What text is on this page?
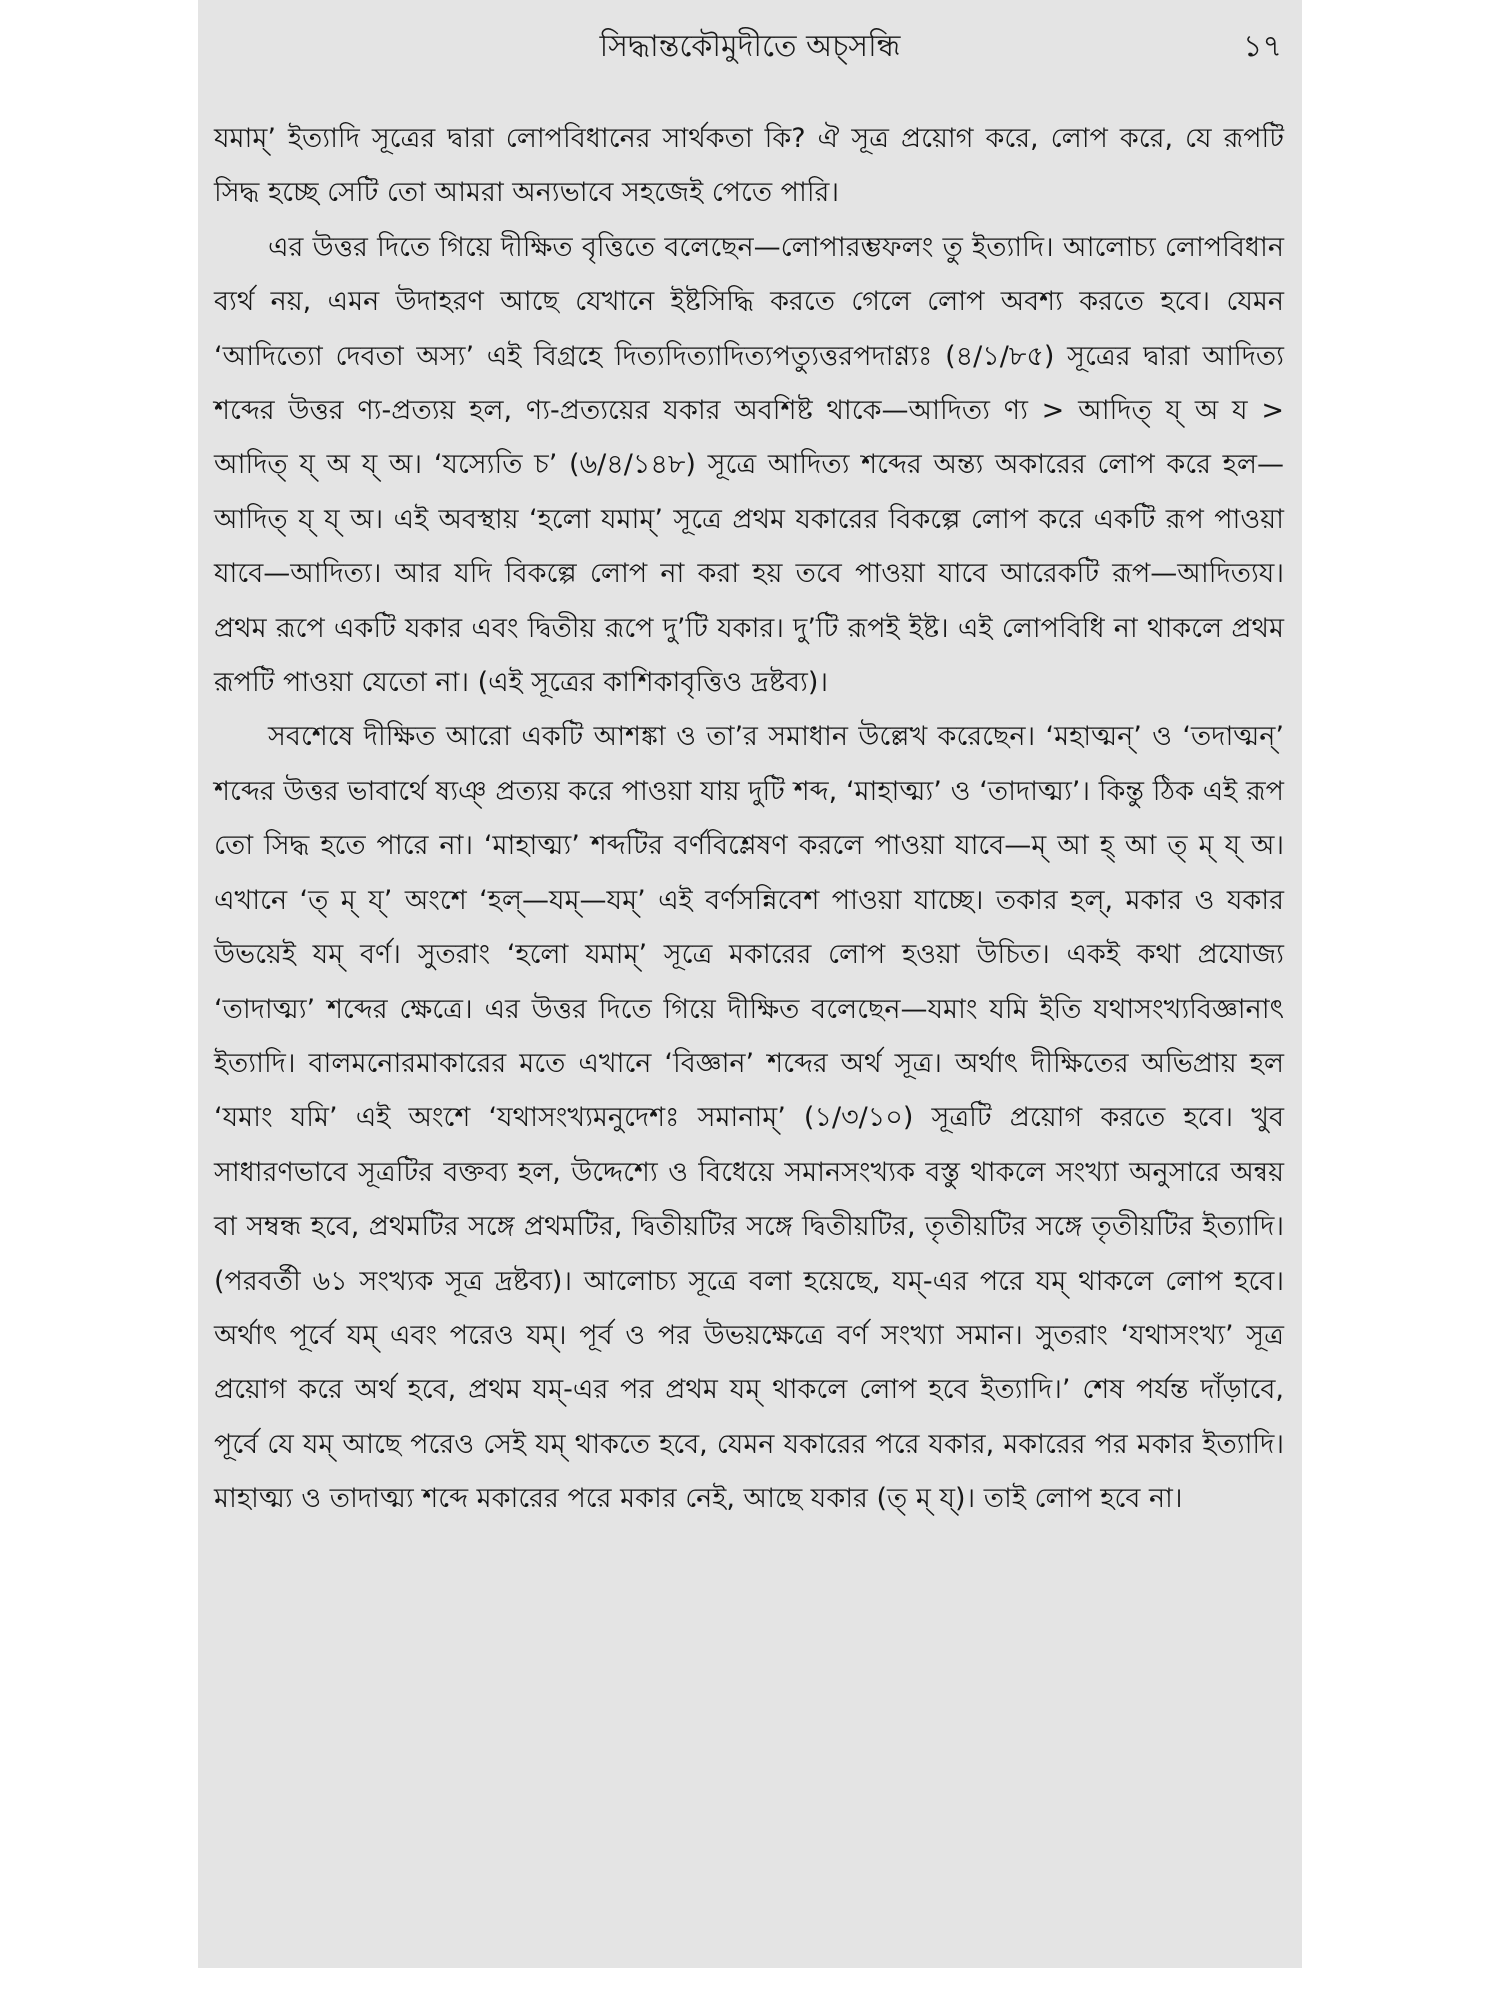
সিদ্ধান্তকৌমুদীতে অচ্‌সন্ধি	১৭

যমাম্‌’ ইত্যাদি সূত্রের দ্বারা লোপবিধানের সার্থকতা কি? ঐ সূত্র প্রয়োগ করে, লোপ করে, যে রূপটি সিদ্ধ হচ্ছে সেটি তো আমরা অন্যভাবে সহজেই পেতে পারি।

এর উত্তর দিতে গিয়ে দীক্ষিত বৃত্তিতে বলেছেন—লোপারম্ভফলং তু ইত্যাদি। আলোচ্য লোপবিধান ব্যর্থ নয়, এমন উদাহরণ আছে যেখানে ইষ্টসিদ্ধি করতে গেলে লোপ অবশ্য করতে হবে। যেমন ‘আদিত্যো দেবতা অস্য’ এই বিগ্রহে দিত্যদিত্যাদিত্যপত্যুত্তরপদাণ্ণ্যঃ (৪/১/৮৫) সূত্রের দ্বারা আদিত্য শব্দের উত্তর ণ্য-প্রত্যয় হল, ণ্য-প্রত্যয়ের যকার অবশিষ্ট থাকে—আদিত্য ণ্য > আদিত্‌ য্‌ অ য > আদিত্‌ য্‌ অ য্‌ অ। ‘যস্যেতি চ’ (৬/৪/১৪৮) সূত্রে আদিত্য শব্দের অন্ত্য অকারের লোপ করে হল—আদিত্‌ য্‌ য্‌ অ। এই অবস্থায় ‘হলো যমাম্‌’ সূত্রে প্রথম যকারের বিকল্পে লোপ করে একটি রূপ পাওয়া যাবে—আদিত্য। আর যদি বিকল্পে লোপ না করা হয় তবে পাওয়া যাবে আরেকটি রূপ—আদিত্যয। প্রথম রূপে একটি যকার এবং দ্বিতীয় রূপে দু’টি যকার। দু’টি রূপই ইষ্ট। এই লোপবিধি না থাকলে প্রথম রূপটি পাওয়া যেতো না। (এই সূত্রের কাশিকাবৃত্তিও দ্রষ্টব্য)।

সবশেষে দীক্ষিত আরো একটি আশঙ্কা ও তা’র সমাধান উল্লেখ করেছেন। ‘মহাত্মন্‌’ ও ‘তদাত্মন্‌’ শব্দের উত্তর ভাবার্থে ষ্যঞ্‌ প্রত্যয় করে পাওয়া যায় দুটি শব্দ, ‘মাহাত্ম্য’ ও ‘তাদাত্ম্য’। কিন্তু ঠিক এই রূপ তো সিদ্ধ হতে পারে না। ‘মাহাত্ম্য’ শব্দটির বর্ণবিশ্লেষণ করলে পাওয়া যাবে—ম্‌ আ হ্‌ আ ত্‌ ম্‌ য্‌ অ। এখানে ‘ত্‌ ম্‌ য্‌’ অংশে ‘হল্‌—যম্‌—যম্‌’ এই বর্ণসন্নিবেশ পাওয়া যাচ্ছে। তকার হল্‌, মকার ও যকার উভয়েই যম্‌ বর্ণ। সুতরাং ‘হলো যমাম্‌’ সূত্রে মকারের লোপ হওয়া উচিত। একই কথা প্রযোজ্য ‘তাদাত্ম্য’ শব্দের ক্ষেত্রে। এর উত্তর দিতে গিয়ে দীক্ষিত বলেছেন—যমাং যমি ইতি যথাসংখ্যবিজ্ঞানাৎ ইত্যাদি। বালমনোরমাকারের মতে এখানে ‘বিজ্ঞান’ শব্দের অর্থ সূত্র। অর্থাৎ দীক্ষিতের অভিপ্রায় হল ‘যমাং যমি’ এই অংশে ‘যথাসংখ্যমনুদেশঃ সমানাম্‌’ (১/৩/১০) সূত্রটি প্রয়োগ করতে হবে। খুব সাধারণভাবে সূত্রটির বক্তব্য হল, উদ্দেশ্যে ও বিধেয়ে সমানসংখ্যক বস্তু থাকলে সংখ্যা অনুসারে অন্বয় বা সম্বন্ধ হবে, প্রথমটির সঙ্গে প্রথমটির, দ্বিতীয়টির সঙ্গে দ্বিতীয়টির, তৃতীয়টির সঙ্গে তৃতীয়টির ইত্যাদি। (পরবর্তী ৬১ সংখ্যক সূত্র দ্রষ্টব্য)। আলোচ্য সূত্রে বলা হয়েছে, যম্‌-এর পরে যম্‌ থাকলে লোপ হবে। অর্থাৎ পূর্বে যম্‌ এবং পরেও যম্‌। পূর্ব ও পর উভয়ক্ষেত্রে বর্ণ সংখ্যা সমান। সুতরাং ‘যথাসংখ্য’ সূত্র প্রয়োগ করে অর্থ হবে, প্রথম যম্‌-এর পর প্রথম যম্‌ থাকলে লোপ হবে ইত্যাদি।’ শেষ পর্যন্ত দাঁড়াবে, পূর্বে যে যম্‌ আছে পরেও সেই যম্‌ থাকতে হবে, যেমন যকারের পরে যকার, মকারের পর মকার ইত্যাদি। মাহাত্ম্য ও তাদাত্ম্য শব্দে মকারের পরে মকার নেই, আছে যকার (ত্‌ ম্‌ য্‌)। তাই লোপ হবে না।
